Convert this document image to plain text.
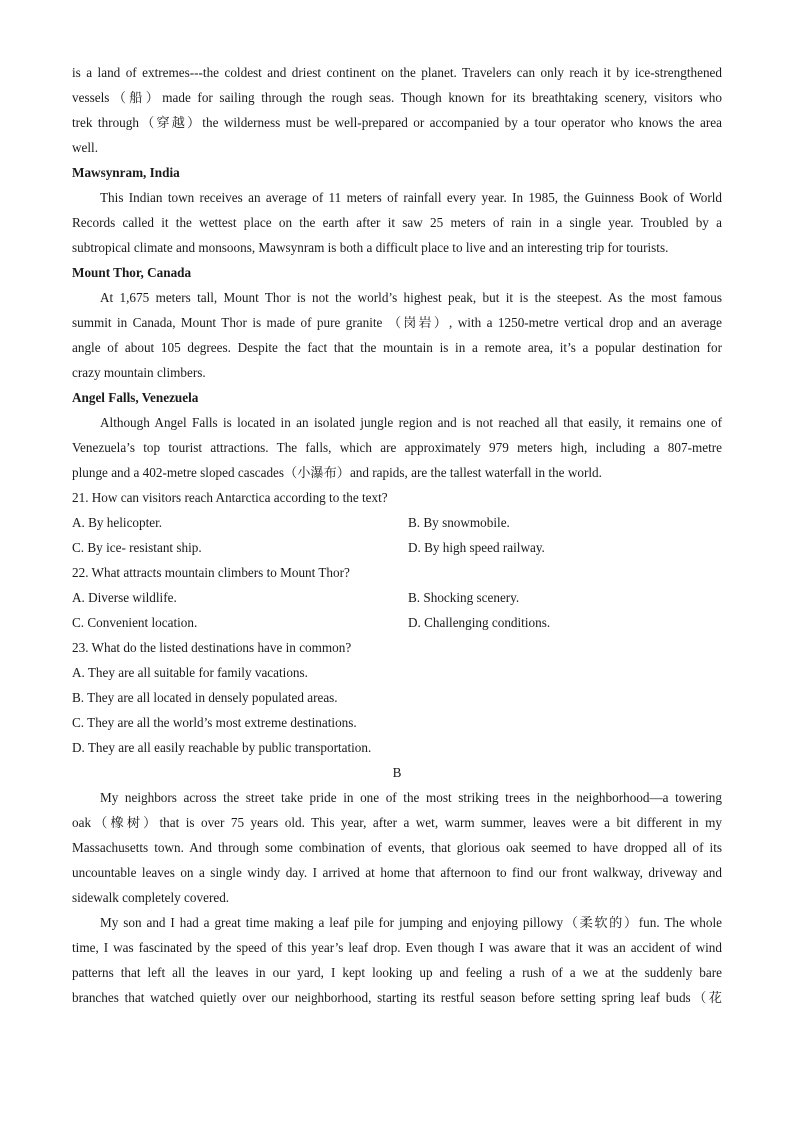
is a land of extremes---the coldest and driest continent on the planet. Travelers can only reach it by ice-strengthened
vessels（船）made for sailing through the rough seas. Though known for its breathtaking scenery, visitors who
trek through（穿越）the wilderness must be well-prepared or accompanied by a tour operator who knows the area
well.
Mawsynram, India
This Indian town receives an average of 11 meters of rainfall every year. In 1985, the Guinness Book of World
Records called it the wettest place on the earth after it saw 25 meters of rain in a single year. Troubled by a
subtropical climate and monsoons, Mawsynram is both a difficult place to live and an interesting trip for tourists.
Mount Thor, Canada
At 1,675 meters tall, Mount Thor is not the world’s highest peak, but it is the steepest. As the most famous
summit in Canada, Mount Thor is made of pure granite （岗岩）, with a 1250-metre vertical drop and an average
angle of about 105 degrees. Despite the fact that the mountain is in a remote area, it’s a popular destination for
crazy mountain climbers.
Angel Falls, Venezuela
Although Angel Falls is located in an isolated jungle region and is not reached all that easily, it remains one of
Venezuela’s top tourist attractions. The falls, which are approximately 979 meters high, including a 807-metre
plunge and a 402-metre sloped cascades（小瀑布）and rapids, are the tallest waterfall in the world.
21. How can visitors reach Antarctica according to the text?
A. By helicopter.	B. By snowmobile.
C. By ice- resistant ship.	D. By high speed railway.
22. What attracts mountain climbers to Mount Thor?
A. Diverse wildlife.	B. Shocking scenery.
C. Convenient location.	D. Challenging conditions.
23. What do the listed destinations have in common?
A. They are all suitable for family vacations.
B. They are all located in densely populated areas.
C. They are all the world’s most extreme destinations.
D. They are all easily reachable by public transportation.
B
My neighbors across the street take pride in one of the most striking trees in the neighborhood—a towering
oak（橡树）that is over 75 years old. This year, after a wet, warm summer, leaves were a bit different in my
Massachusetts town. And through some combination of events, that glorious oak seemed to have dropped all of its
uncountable leaves on a single windy day. I arrived at home that afternoon to find our front walkway, driveway and
sidewalk completely covered.
My son and I had a great time making a leaf pile for jumping and enjoying pillowy（柔软的）fun. The whole
time, I was fascinated by the speed of this year’s leaf drop. Even though I was aware that it was an accident of wind
patterns that left all the leaves in our yard, I kept looking up and feeling a rush of a we at the suddenly bare
branches that watched quietly over our neighborhood, starting its restful season before setting spring leaf buds（花
